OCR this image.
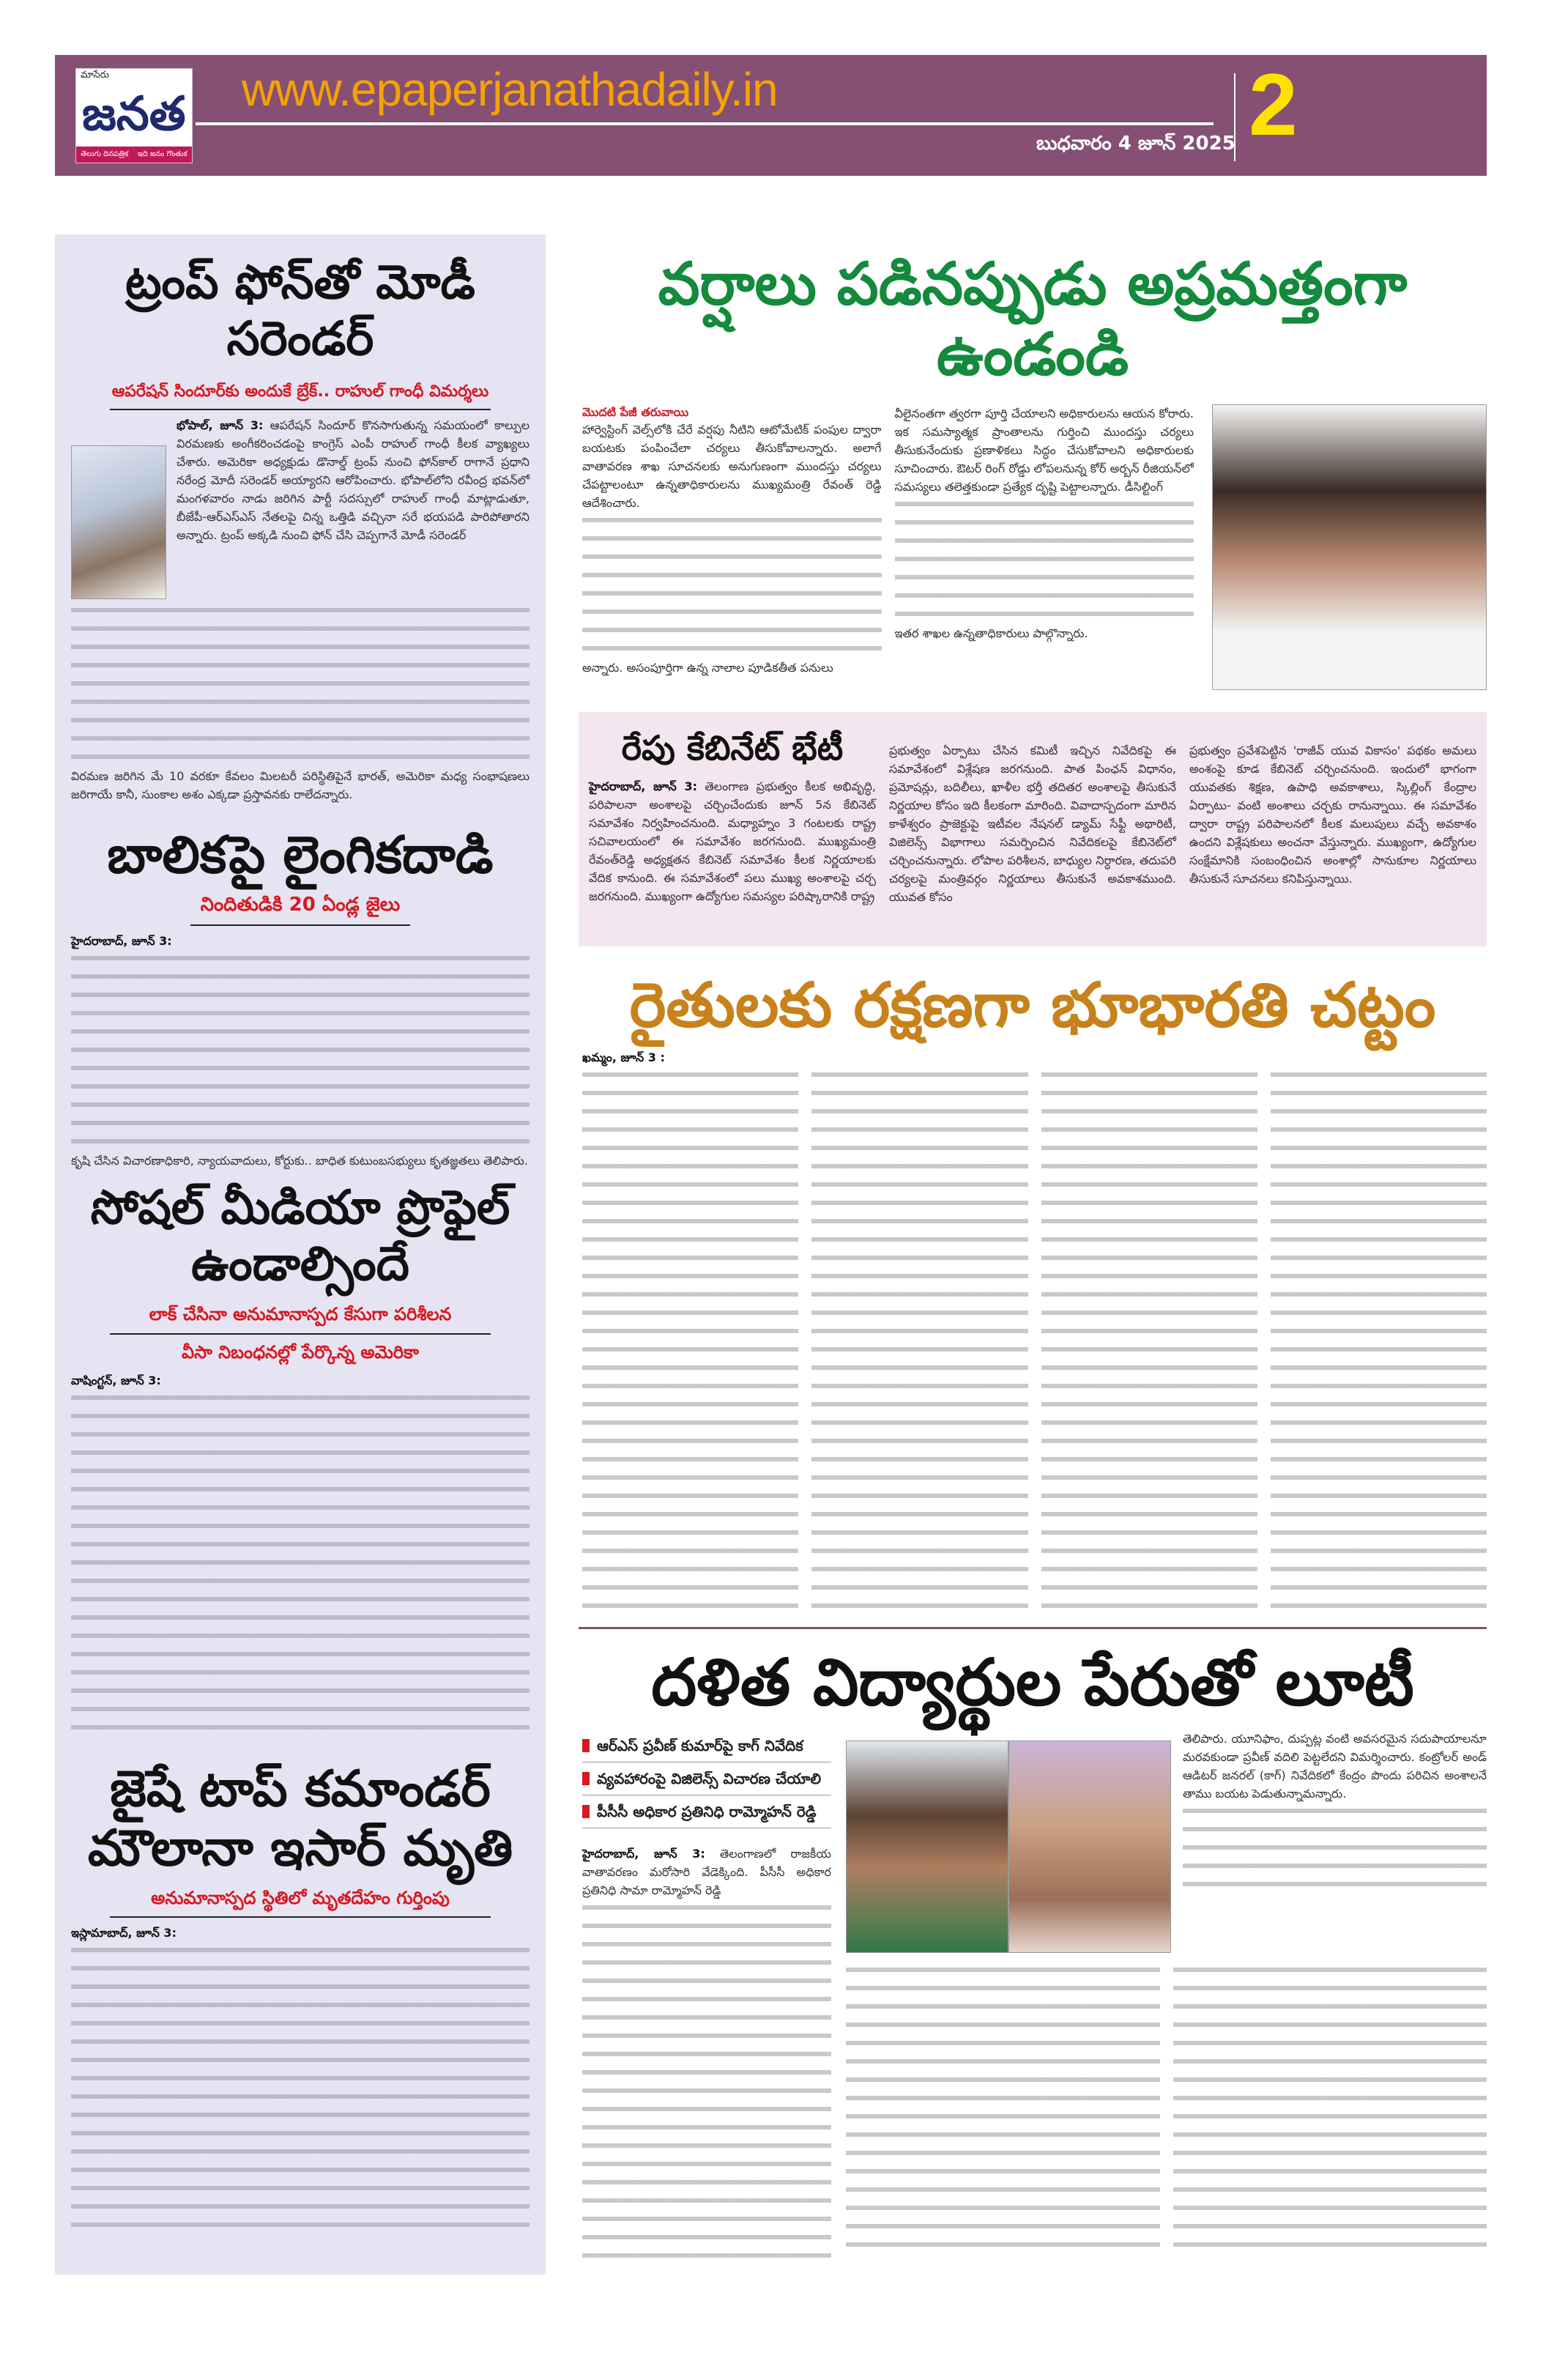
మాసేరు
జనత
తెలుగు దినపత్రిక ఇది జనం గొంతుక
www.epaperjanathadaily.in
బుధవారం 4 జూన్ 2025 2
ట్రంప్ ఫోన్‌తో మోడీ సరెండర్
ఆపరేషన్ సిందూర్‌కు అందుకే బ్రేక్.. రాహుల్ గాంధీ విమర్శలు
భోపాల్, జూన్ 3: ఆపరేషన్ సిందూర్ కొనసాగుతున్న సమయంలో కాల్పుల విరమణకు అంగీకరించడంపై కాంగ్రెస్ ఎంపీ రాహుల్ గాంధీ కీలక వ్యాఖ్యలు చేశారు. అమెరికా అధ్యక్షుడు డొనాల్డ్ ట్రంప్ నుంచి ఫోన్‌కాల్ రాగానే ప్రధాని నరేంద్ర మోదీ సరెండర్ అయ్యారని ఆరోపించారు. భోపాల్‌లోని రవీంద్ర భవన్‌లో మంగళవారం నాడు జరిగిన పార్టీ సదస్సులో రాహుల్ గాంధీ మాట్లాడుతూ, బీజేపీ-ఆర్ఎస్ఎస్ నేతలపై చిన్న ఒత్తిడి వచ్చినా సరే భయపడి పారిపోతారని అన్నారు. ట్రంప్ అక్కడి నుంచి ఫోన్ చేసి చెప్పగానే మోడీ సరెండర్
విరమణ జరిగిన మే 10 వరకూ కేవలం మిలటరీ పరిస్థితిపైనే భారత్, అమెరికా మధ్య సంభాషణలు జరిగాయే కానీ, సుంకాల అశం ఎక్కడా ప్రస్తావనకు రాలేదన్నారు.
బాలికపై లైంగికదాడి
నిందితుడికి 20 ఏండ్ల జైలు
హైదరాబాద్, జూన్ 3:
కృషి చేసిన విచారణాధికారి, న్యాయవాదులు, కోర్టుకు.. బాధిత కుటుంబసభ్యులు కృతజ్ఞతలు తెలిపారు.
సోషల్ మీడియా ప్రొఫైల్ ఉండాల్సిందే
లాక్ చేసినా అనుమానాస్పద కేసుగా పరిశీలన
వీసా నిబంధనల్లో పేర్కొన్న అమెరికా
వాషింగ్టన్, జూన్ 3:
జైషే టాప్ కమాండర్ మౌలానా ఇసార్ మృతి
అనుమానాస్పద స్థితిలో మృతదేహం గుర్తింపు
ఇస్లామాబాద్, జూన్ 3:
వర్షాలు పడినప్పుడు అప్రమత్తంగా ఉండండి
మొదటి పేజీ తరువాయి
హార్వెస్టింగ్ వెల్స్‌లోకి చేరే వర్షపు నీటిని ఆటోమేటిక్ పంపుల ద్వారా బయటకు పంపించేలా చర్యలు తీసుకోవాలన్నారు. అలాగే వాతావరణ శాఖ సూచనలకు అనుగుణంగా ముందస్తు చర్యలు చేపట్టాలంటూ ఉన్నతాధికారులను ముఖ్యమంత్రి రేవంత్ రెడ్డి ఆదేశించారు.
అన్నారు. అసంపూర్తిగా ఉన్న నాలాల పూడికతీత పనులు
వీలైనంతగా త్వరగా పూర్తి చేయాలని అధికారులను ఆయన కోరారు. ఇక సమస్యాత్మక ప్రాంతాలను గుర్తించి ముందస్తు చర్యలు తీసుకునేందుకు ప్రణాళికలు సిద్ధం చేసుకోవాలని అధికారులకు సూచించారు. ఔటర్ రింగ్ రోడ్డు లోపలనున్న కోర్ అర్బన్ రీజియన్‌లో సమస్యలు తలెత్తకుండా ప్రత్యేక దృష్టి పెట్టాలన్నారు. డీసిల్టింగ్
ఇతర శాఖల ఉన్నతాధికారులు పాల్గొన్నారు.
రేపు కేబినేట్ భేటీ
హైదరాబాద్, జూన్ 3: తెలంగాణ ప్రభుత్వం కీలక అభివృద్ధి, పరిపాలనా అంశాలపై చర్చించేందుకు జూన్ 5న కేబినెట్ సమావేశం నిర్వహించనుంది. మధ్యాహ్నం 3 గంటలకు రాష్ట్ర సచివాలయంలో ఈ సమావేశం జరగనుంది. ముఖ్యమంత్రి రేవంత్‌రెడ్డి అధ్యక్షతన కేబినెట్ సమావేశం కీలక నిర్ణయాలకు వేదిక కానుంది. ఈ సమావేశంలో పలు ముఖ్య అంశాలపై చర్చ జరగనుంది. ముఖ్యంగా ఉద్యోగుల సమస్యల పరిష్కారానికి రాష్ట్ర
ప్రభుత్వం ఏర్పాటు చేసిన కమిటీ ఇచ్చిన నివేదికపై ఈ సమావేశంలో విశ్లేషణ జరగనుంది. పాత పింఛన్ విధానం, ప్రమోషన్లు, బదిలీలు, ఖాళీల భర్తీ తదితర అంశాలపై తీసుకునే నిర్ణయాల కోసం ఇది కీలకంగా మారింది. వివాదాస్పదంగా మారిన కాళేశ్వరం ప్రాజెక్టుపై ఇటీవల నేషనల్ డ్యామ్ సేఫ్టీ అథారిటీ, విజిలెన్స్ విభాగాలు సమర్పించిన నివేదికలపై కేబినెట్‌లో చర్చించనున్నారు. లోపాల పరిశీలన, బాధ్యుల నిర్ధారణ, తదుపరి చర్యలపై మంత్రివర్గం నిర్ణయాలు తీసుకునే అవకాశముంది. యువత కోసం
ప్రభుత్వం ప్రవేశపెట్టిన 'రాజీవ్ యువ వికాసం' పథకం అమలు అంశంపై కూడ కేబినెట్ చర్చించనుంది. ఇందులో భాగంగా యువతకు శిక్షణ, ఉపాధి అవకాశాలు, స్కిల్లింగ్ కేంద్రాల ఏర్పాటు- వంటి అంశాలు చర్చకు రానున్నాయి. ఈ సమావేశం ద్వారా రాష్ట్ర పరిపాలనలో కీలక మలుపులు వచ్చే అవకాశం ఉందని విశ్లేషకులు అంచనా వేస్తున్నారు. ముఖ్యంగా, ఉద్యోగుల సంక్షేమానికి సంబంధించిన అంశాల్లో సానుకూల నిర్ణయాలు తీసుకునే సూచనలు కనిపిస్తున్నాయి.
రైతులకు రక్షణగా భూభారతి చట్టం
ఖమ్మం, జూన్ 3 :
దళిత విద్యార్థుల పేరుతో లూటీ
ఆర్ఎస్ ప్రవీణ్ కుమార్‌పై కాగ్ నివేదిక
వ్యవహారంపై విజిలెన్స్ విచారణ చేయాలి
పీసీసీ అధికార ప్రతినిధి రామ్మోహన్ రెడ్డి
హైదరాబాద్, జూన్ 3: తెలంగాణలో రాజకీయ వాతావరణం మరోసారి వేడెక్కింది. పీసీసీ అధికార ప్రతినిధి సామా రామ్మోహన్ రెడ్డి
తెలిపారు. యూనిఫాం, దుప్పట్ల వంటి అవసరమైన సదుపాయాలనూ మరవకుండా ప్రవీణ్ వదిలి పెట్టలేదని విమర్శించారు. కంట్రోలర్ అండ్ ఆడిటర్ జనరల్ (కాగ్) నివేదికలో కేంద్రం పొందు పరిచిన అంశాలనే తాము బయట పెడుతున్నామన్నారు.
